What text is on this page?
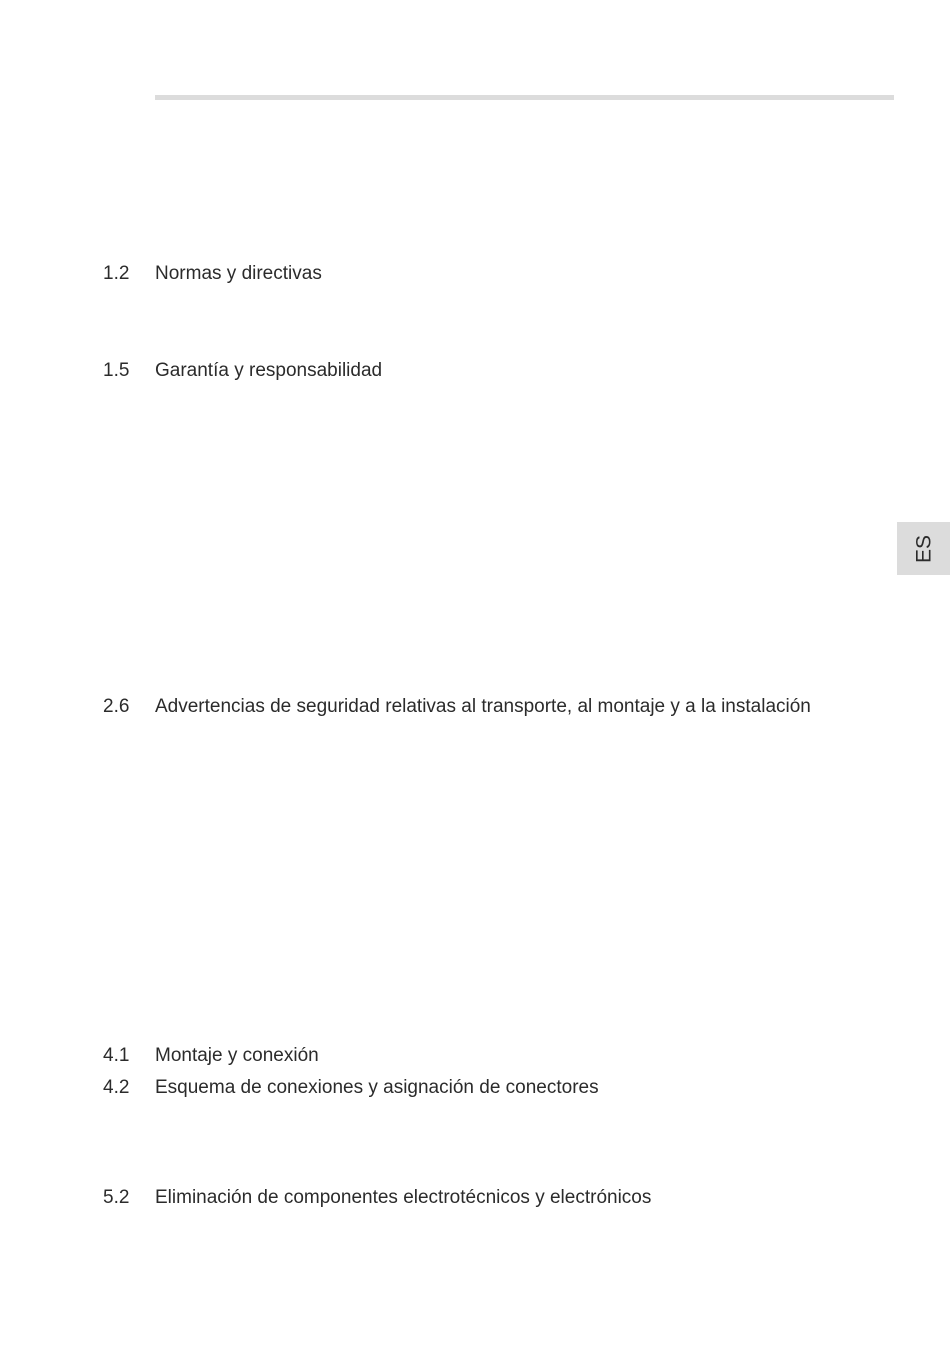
1.2 Normas y directivas
1.5 Garantía y responsabilidad
2.6 Advertencias de seguridad relativas al transporte, al montaje y a la instalación
4.1 Montaje y conexión
4.2 Esquema de conexiones y asignación de conectores
5.2 Eliminación de componentes electrotécnicos y electrónicos
ES
